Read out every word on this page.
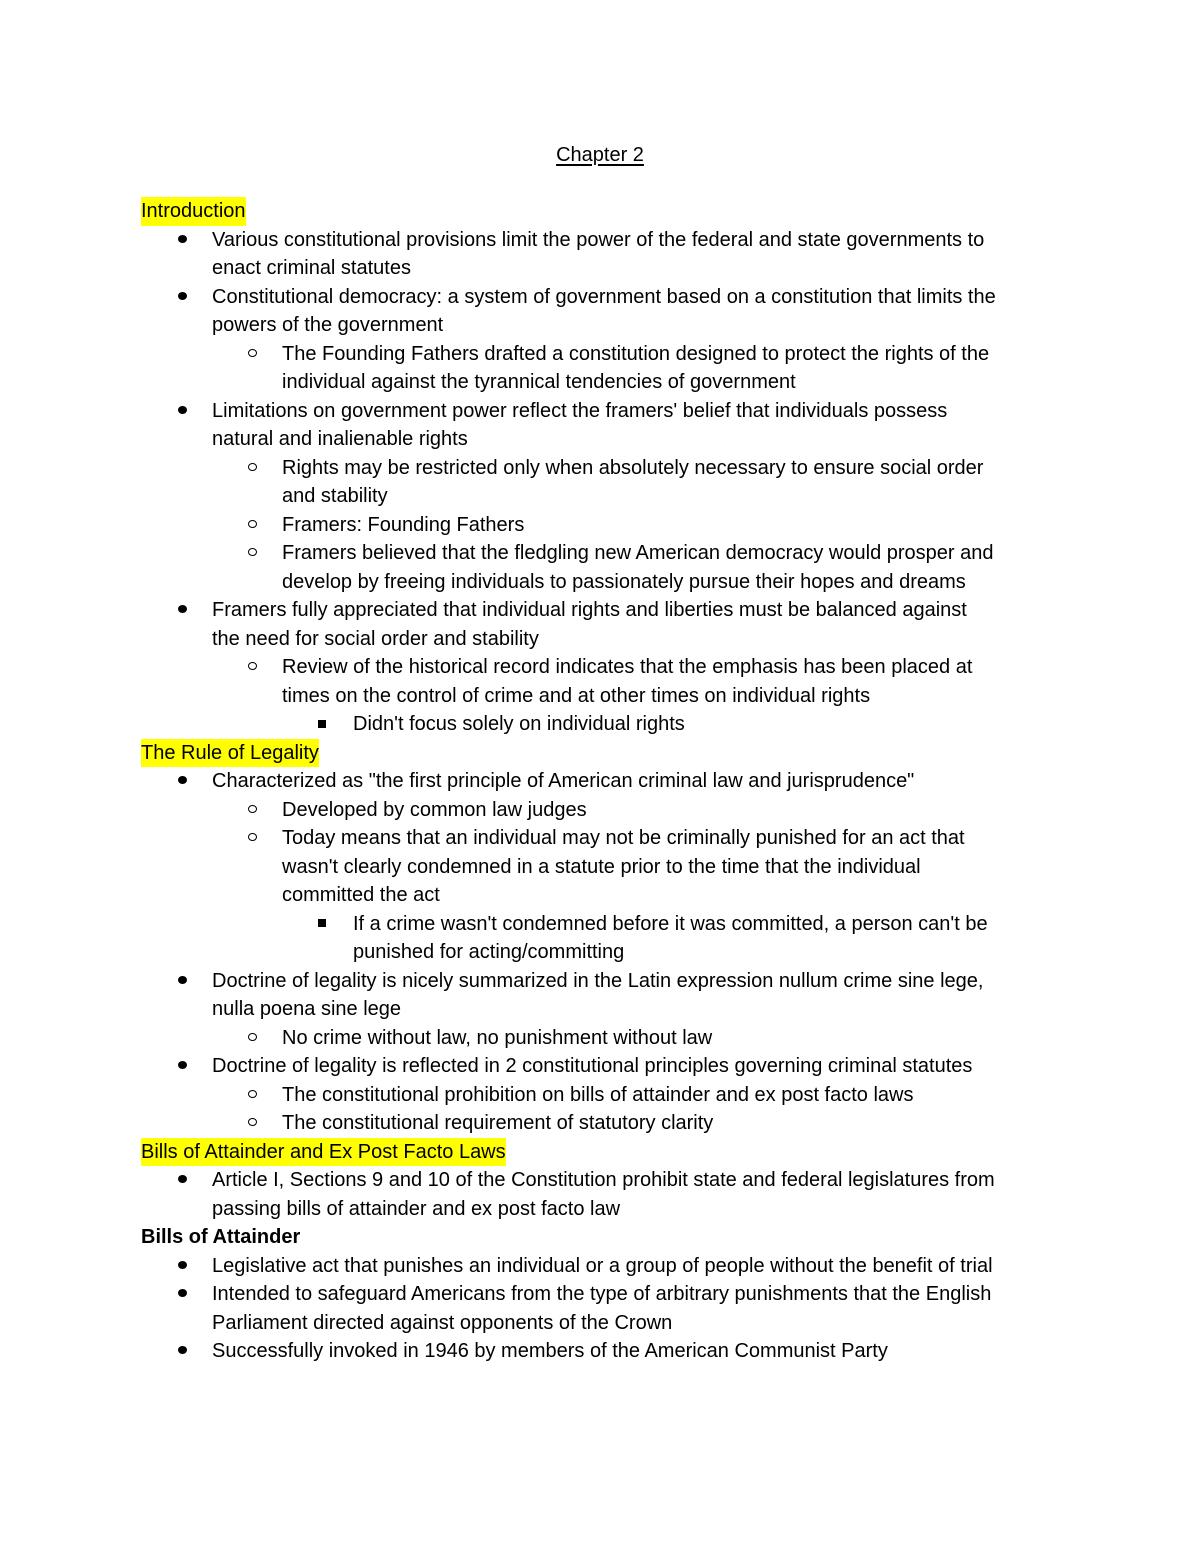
Chapter 2
Introduction
Various constitutional provisions limit the power of the federal and state governments to
enact criminal statutes
Constitutional democracy: a system of government based on a constitution that limits the
powers of the government
The Founding Fathers drafted a constitution designed to protect the rights of the
individual against the tyrannical tendencies of government
Limitations on government power reflect the framers' belief that individuals possess
natural and inalienable rights
Rights may be restricted only when absolutely necessary to ensure social order
and stability
Framers: Founding Fathers
Framers believed that the fledgling new American democracy would prosper and
develop by freeing individuals to passionately pursue their hopes and dreams
Framers fully appreciated that individual rights and liberties must be balanced against
the need for social order and stability
Review of the historical record indicates that the emphasis has been placed at
times on the control of crime and at other times on individual rights
Didn't focus solely on individual rights
The Rule of Legality
Characterized as "the first principle of American criminal law and jurisprudence"
Developed by common law judges
Today means that an individual may not be criminally punished for an act that
wasn't clearly condemned in a statute prior to the time that the individual
committed the act
If a crime wasn't condemned before it was committed, a person can't be
punished for acting/committing
Doctrine of legality is nicely summarized in the Latin expression nullum crime sine lege,
nulla poena sine lege
No crime without law, no punishment without law
Doctrine of legality is reflected in 2 constitutional principles governing criminal statutes
The constitutional prohibition on bills of attainder and ex post facto laws
The constitutional requirement of statutory clarity
Bills of Attainder and Ex Post Facto Laws
Article I, Sections 9 and 10 of the Constitution prohibit state and federal legislatures from
passing bills of attainder and ex post facto law
Bills of Attainder
Legislative act that punishes an individual or a group of people without the benefit of trial
Intended to safeguard Americans from the type of arbitrary punishments that the English
Parliament directed against opponents of the Crown
Successfully invoked in 1946 by members of the American Communist Party
